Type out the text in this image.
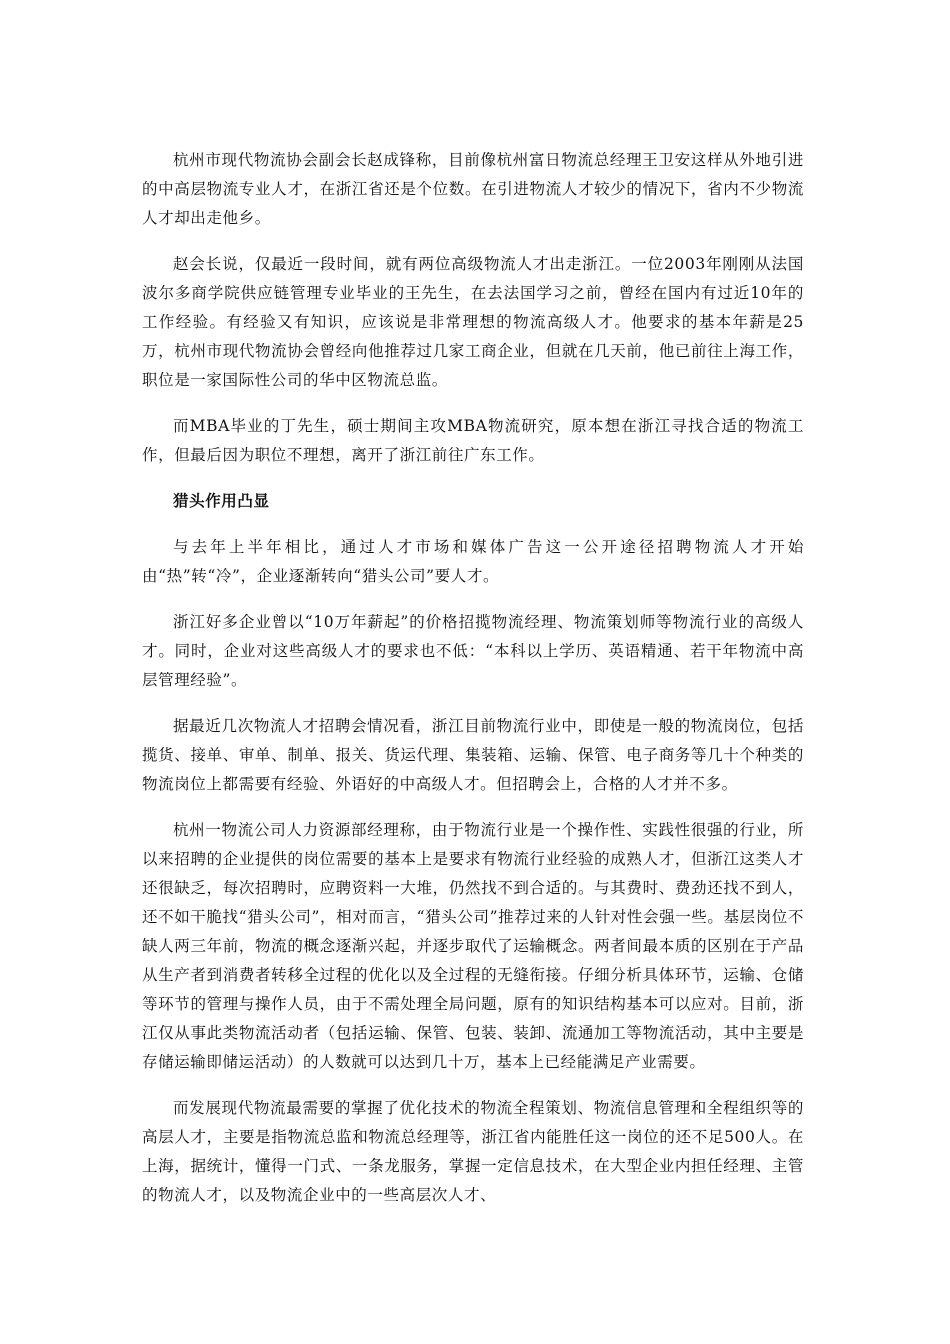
杭州市现代物流协会副会长赵成锋称，目前像杭州富日物流总经理王卫安这样从外地引进的中高层物流专业人才，在浙江省还是个位数。在引进物流人才较少的情况下，省内不少物流人才却出走他乡。

赵会长说，仅最近一段时间，就有两位高级物流人才出走浙江。一位2003年刚刚从法国波尔多商学院供应链管理专业毕业的王先生，在去法国学习之前，曾经在国内有过近10年的工作经验。有经验又有知识，应该说是非常理想的物流高级人才。他要求的基本年薪是25万，杭州市现代物流协会曾经向他推荐过几家工商企业，但就在几天前，他已前往上海工作，职位是一家国际性公司的华中区物流总监。

而MBA毕业的丁先生，硕士期间主攻MBA物流研究，原本想在浙江寻找合适的物流工作，但最后因为职位不理想，离开了浙江前往广东工作。

猎头作用凸显

与去年上半年相比，通过人才市场和媒体广告这一公开途径招聘物流人才开始由“热”转“冷”，企业逐渐转向“猎头公司”要人才。

浙江好多企业曾以“10万年薪起”的价格招揽物流经理、物流策划师等物流行业的高级人才。同时，企业对这些高级人才的要求也不低：“本科以上学历、英语精通、若干年物流中高层管理经验”。

据最近几次物流人才招聘会情况看，浙江目前物流行业中，即使是一般的物流岗位，包括揽货、接单、审单、制单、报关、货运代理、集装箱、运输、保管、电子商务等几十个种类的物流岗位上都需要有经验、外语好的中高级人才。但招聘会上，合格的人才并不多。

杭州一物流公司人力资源部经理称，由于物流行业是一个操作性、实践性很强的行业，所以来招聘的企业提供的岗位需要的基本上是要求有物流行业经验的成熟人才，但浙江这类人才还很缺乏，每次招聘时，应聘资料一大堆，仍然找不到合适的。与其费时、费劲还找不到人，还不如干脆找“猎头公司”，相对而言，“猎头公司”推荐过来的人针对性会强一些。基层岗位不缺人两三年前，物流的概念逐渐兴起，并逐步取代了运输概念。两者间最本质的区别在于产品从生产者到消费者转移全过程的优化以及全过程的无缝衔接。仔细分析具体环节，运输、仓储等环节的管理与操作人员，由于不需处理全局问题，原有的知识结构基本可以应对。目前，浙江仅从事此类物流活动者（包括运输、保管、包装、装卸、流通加工等物流活动，其中主要是存储运输即储运活动）的人数就可以达到几十万，基本上已经能满足产业需要。

而发展现代物流最需要的掌握了优化技术的物流全程策划、物流信息管理和全程组织等的高层人才，主要是指物流总监和物流总经理等，浙江省内能胜任这一岗位的还不足500人。在上海，据统计，懂得一门式、一条龙服务，掌握一定信息技术，在大型企业内担任经理、主管的物流人才，以及物流企业中的一些高层次人才、
